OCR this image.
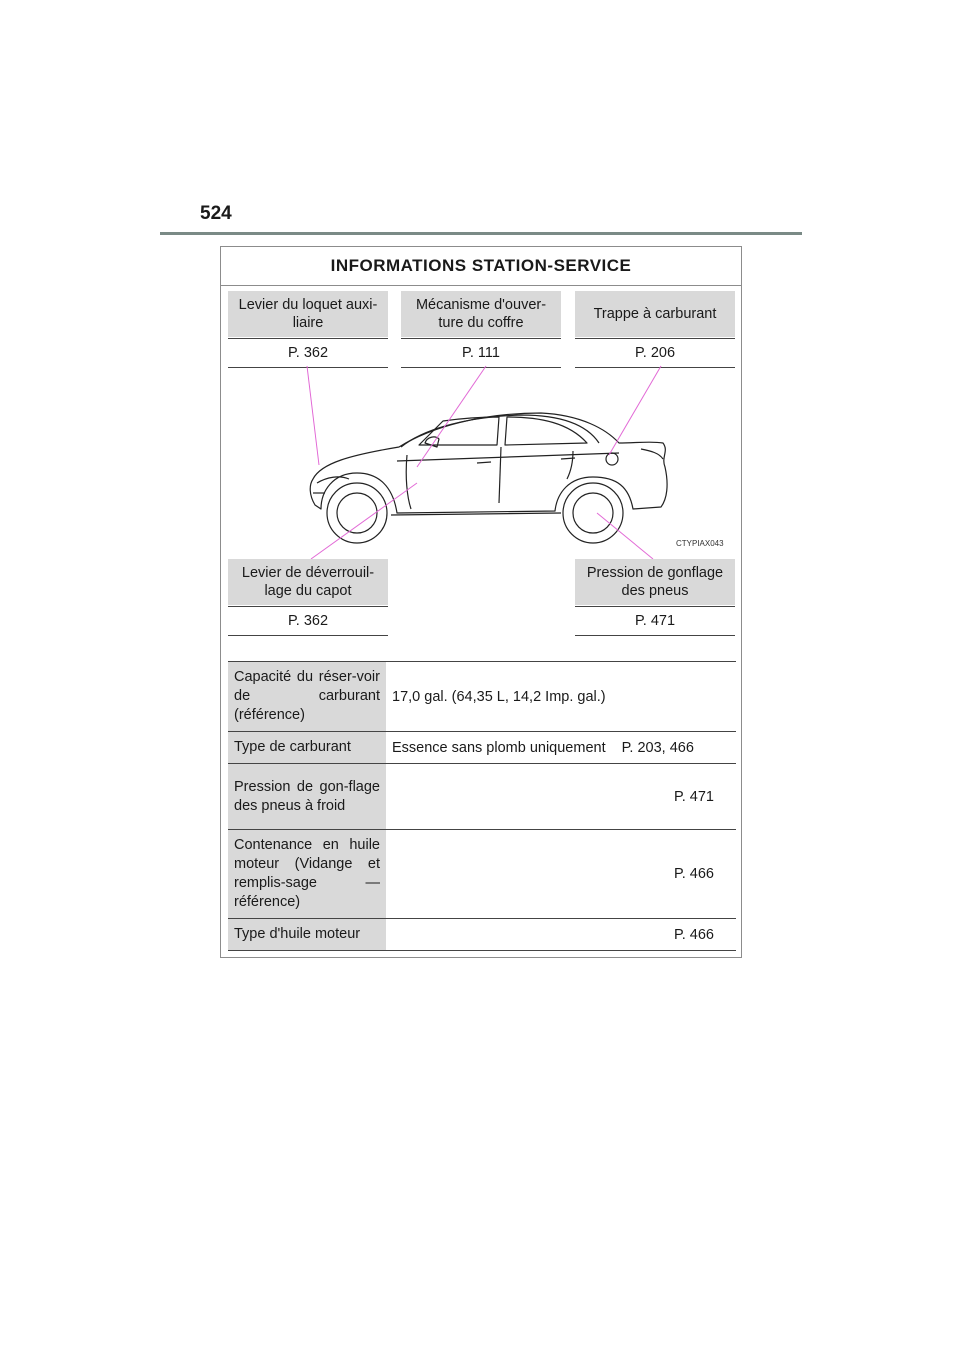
524
INFORMATIONS STATION-SERVICE
Levier du loquet auxi-liaire
P. 362
Mécanisme d'ouver-ture du coffre
P. 111
Trappe à carburant
P. 206
CTYPIAX043
Levier de déverrouil-lage du capot
P. 362
Pression de gonflage des pneus
P. 471
Capacité du réser-voir de carburant (référence)	17,0 gal. (64,35 L, 14,2 Imp. gal.)
Type de carburant	Essence sans plomb uniquement P. 203, 466
Pression de gon-flage des pneus à froid	P. 471
Contenance en huile moteur (Vidange et remplis-sage — référence)	P. 466
Type d'huile moteur	P. 466
